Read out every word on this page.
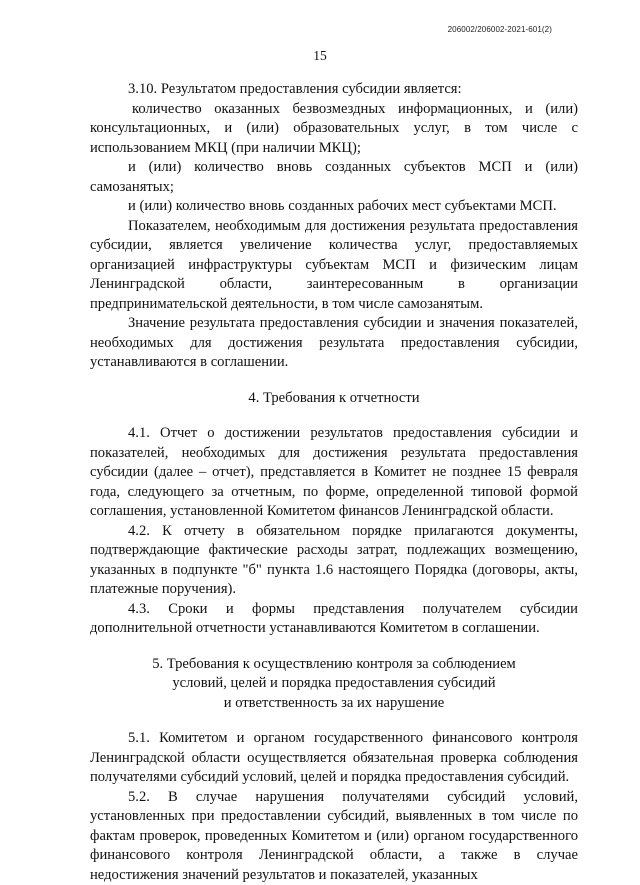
206002/206002-2021-601(2)
15

3.10. Результатом предоставления субсидии является:

количество оказанных безвозмездных информационных, и (или) консультационных, и (или) образовательных услуг, в том числе с использованием МКЦ (при наличии МКЦ);

и (или) количество вновь созданных субъектов МСП и (или) самозанятых;

и (или) количество вновь созданных рабочих мест субъектами МСП.

Показателем, необходимым для достижения результата предоставления субсидии, является увеличение количества услуг, предоставляемых организацией инфраструктуры субъектам МСП и физическим лицам Ленинградской области, заинтересованным в организации предпринимательской деятельности, в том числе самозанятым.

Значение результата предоставления субсидии и значения показателей, необходимых для достижения результата предоставления субсидии, устанавливаются в соглашении.

4. Требования к отчетности

4.1. Отчет о достижении результатов предоставления субсидии и показателей, необходимых для достижения результата предоставления субсидии (далее – отчет), представляется в Комитет не позднее 15 февраля года, следующего за отчетным, по форме, определенной типовой формой соглашения, установленной Комитетом финансов Ленинградской области.

4.2. К отчету в обязательном порядке прилагаются документы, подтверждающие фактические расходы затрат, подлежащих возмещению, указанных в подпункте "б" пункта 1.6 настоящего Порядка (договоры, акты, платежные поручения).

4.3. Сроки и формы представления получателем субсидии дополнительной отчетности устанавливаются Комитетом в соглашении.

5. Требования к осуществлению контроля за соблюдением

условий, целей и порядка предоставления субсидий

и ответственность за их нарушение

5.1. Комитетом и органом государственного финансового контроля Ленинградской области осуществляется обязательная проверка соблюдения получателями субсидий условий, целей и порядка предоставления субсидий.

5.2. В случае нарушения получателями субсидий условий, установленных при предоставлении субсидий, выявленных в том числе по фактам проверок, проведенных Комитетом и (или) органом государственного финансового контроля Ленинградской области, а также в случае недостижения значений результатов и показателей, указанных
